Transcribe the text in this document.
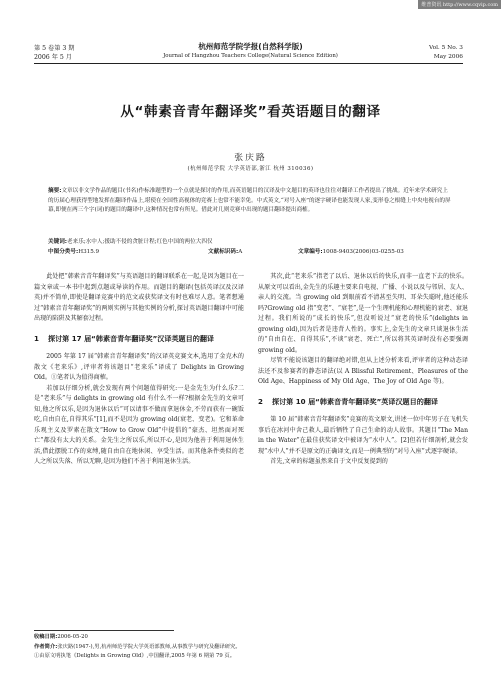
维普资讯 http://www.cqvip.com
第 5 卷第 3 期
2006 年 5 月
杭州师范学院学报(自然科学版)
Journal of Hangzhou Teachers College(Natural Science Edition)
Vol. 5 No. 3
May 2006
从“韩素音青年翻译奖”看英语题目的翻译
张庆路
(杭州师范学院 大学英语部,浙江 杭州 310036)
摘要:文章以非文学作品的题目(书名)作标准题型的一个点就是探讨的作用,而英语题目的汉译及中文题目的英译也往往对翻译工作者提出了挑战。近年来学术研究上的历届心理获得型地发挥在翻译作品上,堪使在全国性高视体的竞赛上也常不能幸免。中式英文,“对号入座”的逐字硬译也能发现人家,变形卷之根缝上中央电视台的屏幕,即便在两三个字(词)的题目的翻译中,这种情况也常有所见。借此对几则竞赛中出现的题目翻译提出商榷。
关键词:老来乐;水中人;援助不侵的贪脏计程;红色中国的两位大四仅
中图分类号:H315.9	文献标识码:A	文章编号:1008-9403(2006)03-0255-03

此处把“韩素音青年翻译奖”与英语题目的翻译联系在一起,是因为题目在一篇文章或一本书中起到点题或导读的作用。而题目的翻译(包括英译汉及汉译英)并不简单,即使是翻译竞赛中的范文或获奖译文有时也难尽人意。笔者想通过“韩素音青年翻译奖”的两则实例与其他实例的分析,探讨英语题目翻译中可能出现的陷阱及其解套过程。

1	探讨第 17 届“韩素音青年翻译奖”汉译英题目的翻译

2005 年第 17 届“韩素音青年翻译奖”的汉译英竞赛文本,选用了金克木的散文《老来乐》,评审者将该题目“老来乐”译成了 Delights in Growing Old。①笔者认为值得商榷。

若加以仔细分析,就会发现有两个问题值得研究:一是金先生为什么乐?二是“老来乐”与 delights in growing old 有什么不一样?根据金先生的文章可知,他之所以乐,是因为退休以后“可以请事不做而拿退休金,不劳而获有一碗饭吃,自由自在,自得其乐”[1],而不是因为 growing old(衰老、变老)。它和革命乐观主义及罗素在散文“How to Grow Old”中提倡的“豪杰、坦然面对死亡”都没有太大的关系。金先生之所以乐,所以开心,是因为他善于利用退休生活,借此摆脱工作的束缚,随自由自在地休闲、享受生活。而其他条件类似的老人之所以失落、所以无聊,是因为他们不善于利用退休生活。

其次,此“老来乐”指老了以后、退休以后的快乐,而非一直老下去的快乐。从原文可以看出,金先生的乐趣主要来自电视、广播、小说以及与邻居、友人、亲人的交流。当 growing old 到眼前看不清甚至失明、耳朵失聪时,他还能乐吗?Growing old 指“变老”、“衰老”,是一个生理机能和心理机能的衰老、衰退过程。我们所说的“成长的快乐”,但没听说过“衰老的快乐”(delights in growing old),因为后者是违背人性的。事实上,金先生的文章只谈退休生活的“自由自在、自得其乐”,不谈“衰老、死亡”,所以将其英译时没有必要强调 growing old。

尽管不能说该题目的翻译绝对错,但从上述分析来看,评审者的这种动态译法还不及参赛者的静态译法(以 A Blissful Retirement、Pleasures of the Old Age、Happiness of My Old Age、The Joy of Old Age 等)。

2	探讨第 10 届“韩素音青年翻译奖”英译汉题目的翻译

第 10 届“韩素音青年翻译奖”竞赛的英文原文,讲述一位中年男子在飞机失事后在冰河中舍己救人,最后牺牲了自己生命的动人故事。其题目“The Man in the Water”在最佳获奖译文中被译为“水中人”。[2]但若仔细剖析,就会发现“水中人”并不是原文的正确译文,而是一例典型的“对号入座”式逐字硬译。

首先,文章的标题虽然来自于文中反复提到的

收稿日期:2006-05-20
作者简介:张庆路(1947-),男,杭州师范学院大学英语部教师,从事教学与研究及翻译研究。
①由原文明执笔《Delights in Growing Old》,中国翻译,2005 年第 6 期第 79 页。
